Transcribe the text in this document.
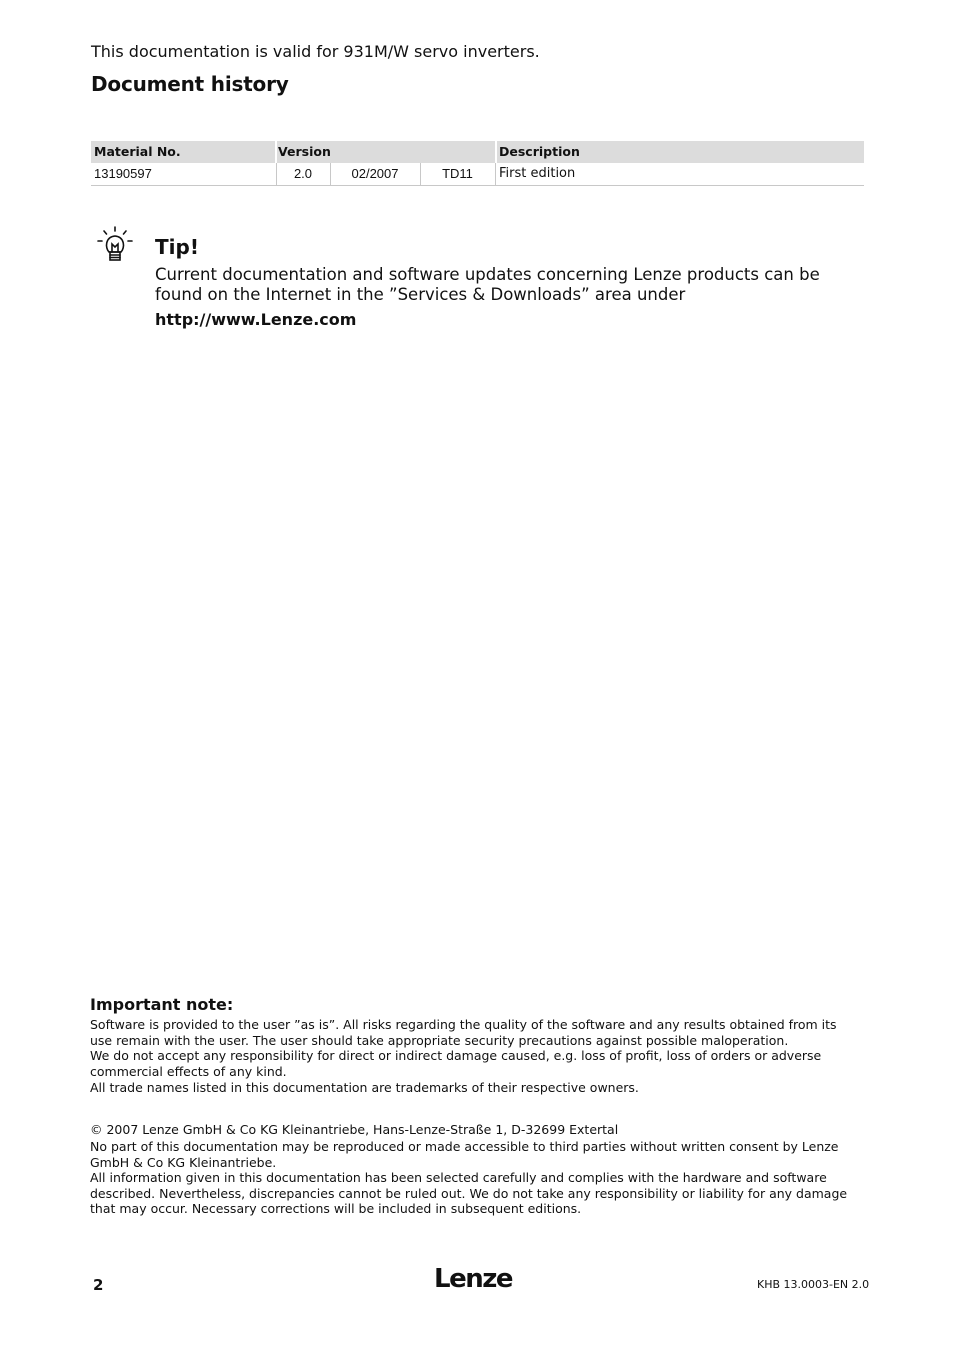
This documentation is valid for 931M/W servo inverters.
Document history
Material No.	Version	Description
13190597	2.0	02/2007	TD11	First edition
Tip!
Current documentation and software updates concerning Lenze products can be found on the Internet in the ”Services & Downloads” area under
http://www.Lenze.com
Important note:
Software is provided to the user ”as is”. All risks regarding the quality of the software and any results obtained from its use remain with the user. The user should take appropriate security precautions against possible maloperation.
We do not accept any responsibility for direct or indirect damage caused, e.g. loss of profit, loss of orders or adverse commercial effects of any kind.
All trade names listed in this documentation are trademarks of their respective owners.
© 2007 Lenze GmbH & Co KG Kleinantriebe, Hans-Lenze-Straße 1, D-32699 Extertal
No part of this documentation may be reproduced or made accessible to third parties without written consent by Lenze GmbH & Co KG Kleinantriebe.
All information given in this documentation has been selected carefully and complies with the hardware and software described. Nevertheless, discrepancies cannot be ruled out. We do not take any responsibility or liability for any damage that may occur. Necessary corrections will be included in subsequent editions.
2	Lenze	KHB 13.0003-EN 2.0
